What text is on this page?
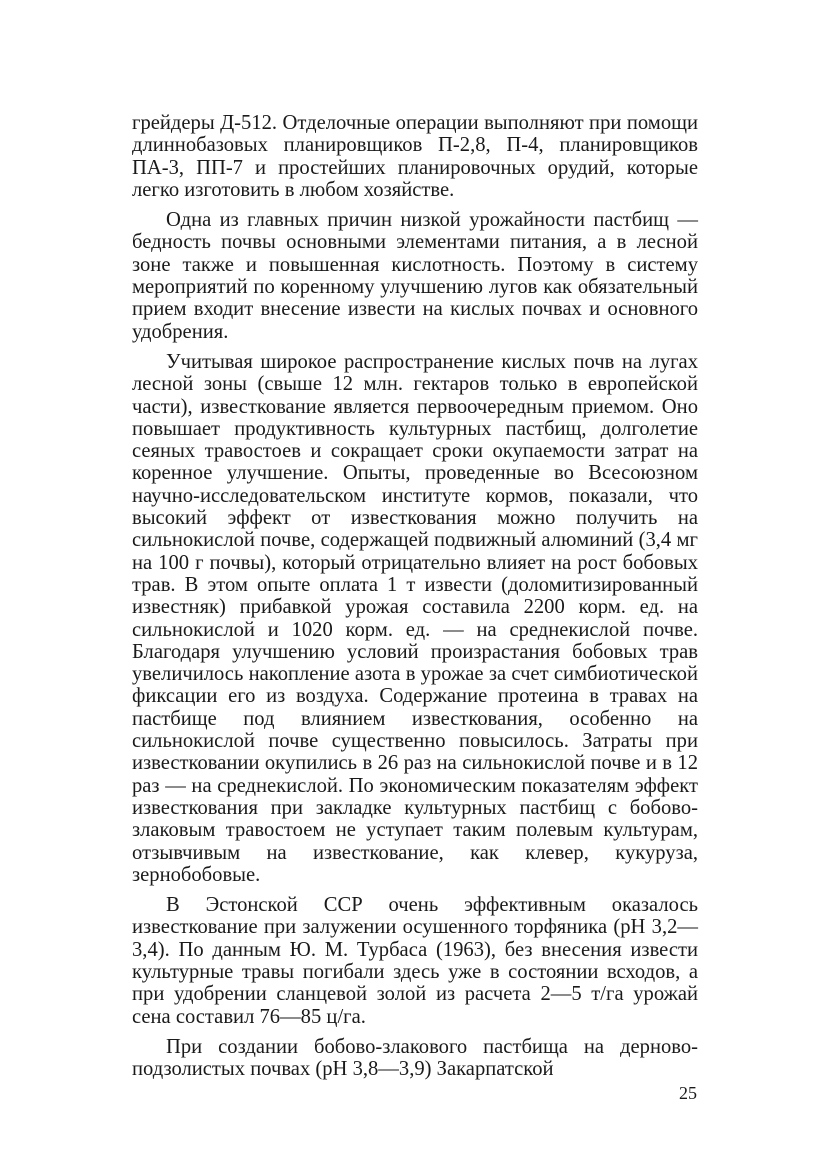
грейдеры Д-512. Отделочные операции выполняют при помощи длиннобазовых планировщиков П-2,8, П-4, планировщиков ПА-3, ПП-7 и простейших планировочных орудий, которые легко изготовить в любом хозяйстве.

Одна из главных причин низкой урожайности пастбищ — бедность почвы основными элементами питания, а в лесной зоне также и повышенная кислотность. Поэтому в систему мероприятий по коренному улучшению лугов как обязательный прием входит внесение извести на кислых почвах и основного удобрения.

Учитывая широкое распространение кислых почв на лугах лесной зоны (свыше 12 млн. гектаров только в европейской части), известкование является первоочередным приемом. Оно повышает продуктивность культурных пастбищ, долголетие сеяных травостоев и сокращает сроки окупаемости затрат на коренное улучшение. Опыты, проведенные во Всесоюзном научно-исследовательском институте кормов, показали, что высокий эффект от известкования можно получить на сильнокислой почве, содержащей подвижный алюминий (3,4 мг на 100 г почвы), который отрицательно влияет на рост бобовых трав. В этом опыте оплата 1 т извести (доломитизированный известняк) прибавкой урожая составила 2200 корм. ед. на сильнокислой и 1020 корм. ед. — на среднекислой почве. Благодаря улучшению условий произрастания бобовых трав увеличилось накопление азота в урожае за счет симбиотической фиксации его из воздуха. Содержание протеина в травах на пастбище под влиянием известкования, особенно на сильнокислой почве существенно повысилось. Затраты при известковании окупились в 26 раз на сильнокислой почве и в 12 раз — на среднекислой. По экономическим показателям эффект известкования при закладке культурных пастбищ с бобово-злаковым травостоем не уступает таким полевым культурам, отзывчивым на известкование, как клевер, кукуруза, зернобобовые.

В Эстонской ССР очень эффективным оказалось известкование при залужении осушенного торфяника (pH 3,2—3,4). По данным Ю. М. Турбаса (1963), без внесения извести культурные травы погибали здесь уже в состоянии всходов, а при удобрении сланцевой золой из расчета 2—5 т/га урожай сена составил 76—85 ц/га.

При создании бобово-злакового пастбища на дерново-подзолистых почвах (pH 3,8—3,9) Закарпатской

25
